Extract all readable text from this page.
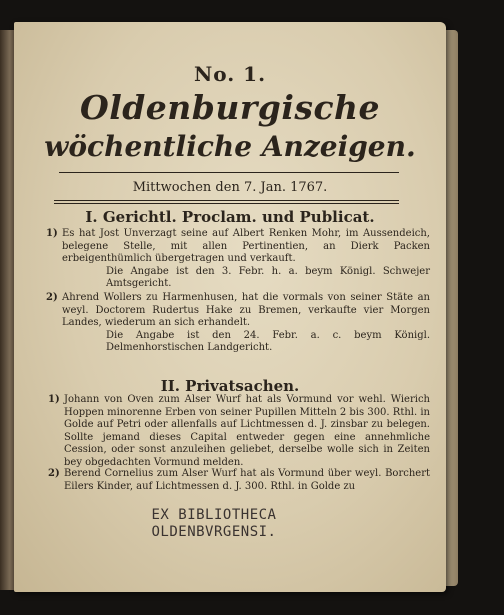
No. 1.
Oldenburgische
wöchentliche Anzeigen.
Mittwochen den 7. Jan. 1767.
I. Gerichtl. Proclam. und Publicat.
1) Es hat Jost Unverzagt seine auf Albert Renken Mohr, im Aussendeich, belegene Stelle, mit allen Pertinentien, an Dierk Packen erbeigenthümlich übergetragen und verkauft.

Die Angabe ist den 3. Febr. h. a. beym Königl. Schwejer Amtsgericht.

2) Ahrend Wollers zu Harmenhusen, hat die vormals von seiner Stäte an weyl. Doctorem Rudertus Hake zu Bremen, verkaufte vier Morgen Landes, wiederum an sich erhandelt.

Die Angabe ist den 24. Febr. a. c. beym Königl. Delmenhorstischen Landgericht.

II. Privatsachen.
1) Johann von Oven zum Alser Wurf hat als Vormund vor wehl. Wierich Hoppen minorenne Erben von seiner Pupillen Mitteln 2 bis 300. Rthl. in Golde auf Petri oder allenfalls auf Lichtmessen d. J. zinsbar zu belegen. Sollte jemand dieses Capital entweder gegen eine annehmliche Cession, oder sonst anzuleihen geliebet, derselbe wolle sich in Zeiten bey obgedachten Vormund melden.

2) Berend Cornelius zum Alser Wurf hat als Vormund über weyl. Borchert Eilers Kinder, auf Lichtmessen d. J. 300. Rthl. in Golde zu

EX BIBLIOTHECA
OLDENBVRGENSI.
